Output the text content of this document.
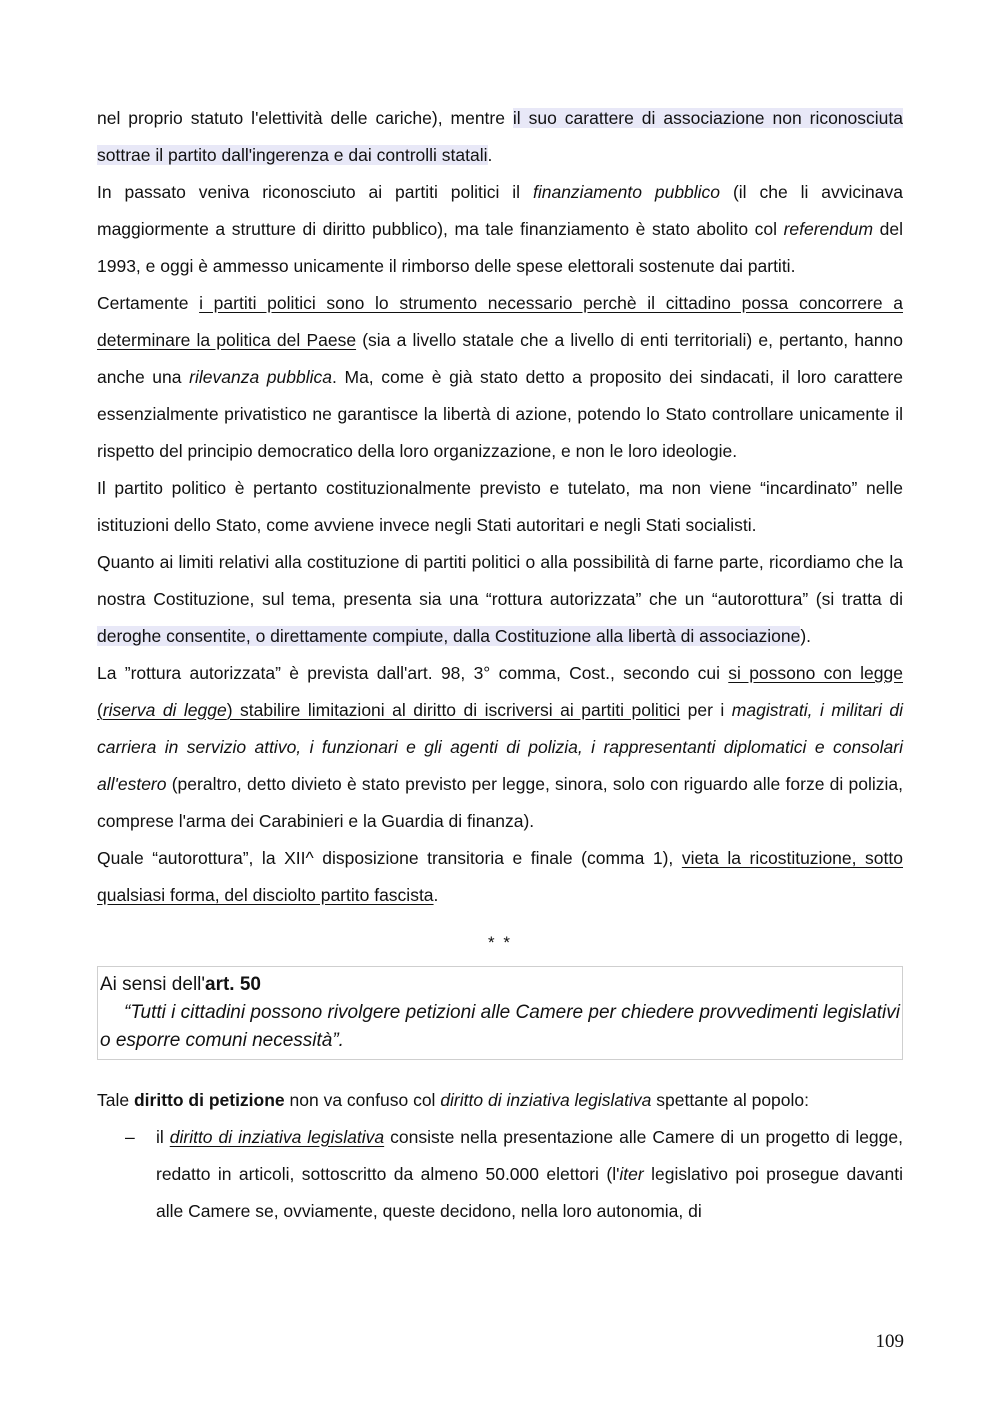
nel proprio statuto l'elettività delle cariche), mentre il suo carattere di associazione non riconosciuta sottrae il partito dall'ingerenza e dai controlli statali.

In passato veniva riconosciuto ai partiti politici il finanziamento pubblico (il che li avvicinava maggiormente a strutture di diritto pubblico), ma tale finanziamento è stato abolito col referendum del 1993, e oggi è ammesso unicamente il rimborso delle spese elettorali sostenute dai partiti.

Certamente i partiti politici sono lo strumento necessario perchè il cittadino possa concorrere a determinare la politica del Paese (sia a livello statale che a livello di enti territoriali) e, pertanto, hanno anche una rilevanza pubblica. Ma, come è già stato detto a proposito dei sindacati, il loro carattere essenzialmente privatistico ne garantisce la libertà di azione, potendo lo Stato controllare unicamente il rispetto del principio democratico della loro organizzazione, e non le loro ideologie.

Il partito politico è pertanto costituzionalmente previsto e tutelato, ma non viene “incardinato” nelle istituzioni dello Stato, come avviene invece negli Stati autoritari e negli Stati socialisti.

Quanto ai limiti relativi alla costituzione di partiti politici o alla possibilità di farne parte, ricordiamo che la nostra Costituzione, sul tema, presenta sia una “rottura autorizzata” che un “autorottura” (si tratta di deroghe consentite, o direttamente compiute, dalla Costituzione alla libertà di associazione).

La ”rottura autorizzata” è prevista dall'art. 98, 3° comma, Cost., secondo cui si possono con legge (riserva di legge) stabilire limitazioni al diritto di iscriversi ai partiti politici per i magistrati, i militari di carriera in servizio attivo, i funzionari e gli agenti di polizia, i rappresentanti diplomatici e consolari all'estero (peraltro, detto divieto è stato previsto per legge, sinora, solo con riguardo alle forze di polizia, comprese l'arma dei Carabinieri e la Guardia di finanza).

Quale “autorottura”, la XII^ disposizione transitoria e finale (comma 1), vieta la ricostituzione, sotto qualsiasi forma, del disciolto partito fascista.

* *
Ai sensi dell'art. 50
“Tutti i cittadini possono rivolgere petizioni alle Camere per chiedere provvedimenti legislativi o esporre comuni necessità”.

Tale diritto di petizione non va confuso col diritto di inziativa legislativa spettante al popolo:

– il diritto di inziativa legislativa consiste nella presentazione alle Camere di un progetto di legge, redatto in articoli, sottoscritto da almeno 50.000 elettori (l'iter legislativo poi prosegue davanti alle Camere se, ovviamente, queste decidono, nella loro autonomia, di
109
